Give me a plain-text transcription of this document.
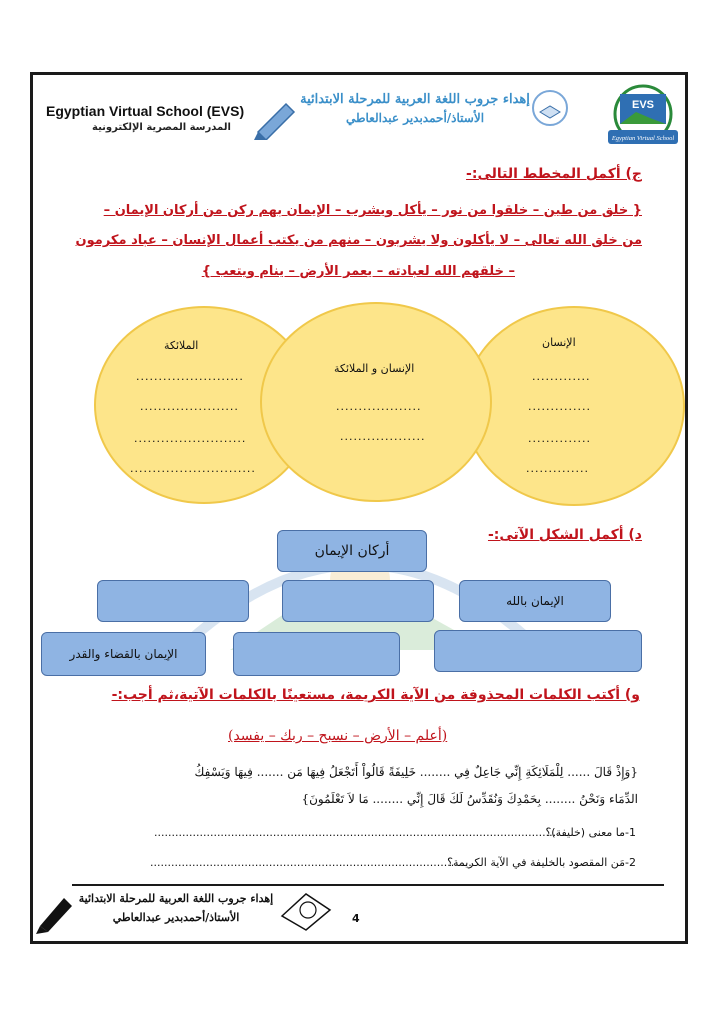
Egyptian Virtual School (EVS)
المدرسة المصرية الإلكترونية
إهداء جروب اللغة العربية للمرحلة الابتدائية
الأستاذ/أحمدبدير عبدالعاطي
EVS
Egyptian Virtual School
ج) أكمل المخطط التالى:-
{ خلق من طين – خلقوا من نور – يأكل ويشرب – الإيمان بهم ركن من أركان الإيمان –
من خلق الله تعالى – لا يأكلون ولا يشربون – منهم من يكتب أعمال الإنسان – عباد مكرمون
– خلقهم الله لعبادته – يعمر الأرض – ينام ويتعب }
الملائكة
........................
......................
.........................
............................
الإنسان و الملائكة
...................
...................
الإنسان
.............
..............
..............
..............
د) أكمل الشكل الآتى:-
أركان الإيمان
الإيمان بالله
الإيمان بالقضاء والقدر
و) أكتب الكلمات المحذوفة من الآية الكريمة، مستعينًا بالكلمات الآتية،ثم أجب:-
(أعلم – الأرض – نسبح – ربك – يفسد)
{وَإِذْ قَالَ ...... لِلْمَلَائِكَةِ إِنِّي جَاعِلٌ فِي ........ خَلِيفَةً قَالُواْ أَتَجْعَلُ فِيهَا مَن ....... فِيهَا وَيَسْفِكُ
الدِّمَاء وَنَحْنُ ........ بِحَمْدِكَ وَنُقَدِّسُ لَكَ قَالَ إِنِّي ........ مَا لاَ تَعْلَمُونَ}
1-ما معنى (خليفة)؟
....................................................................................................................
2-مَن المقصود بالخليفة في الآية الكريمة؟
............................................................................................
إهداء جروب اللغة العربية للمرحلة الابتدائية
الأستاذ/أحمدبدير عبدالعاطي	4
